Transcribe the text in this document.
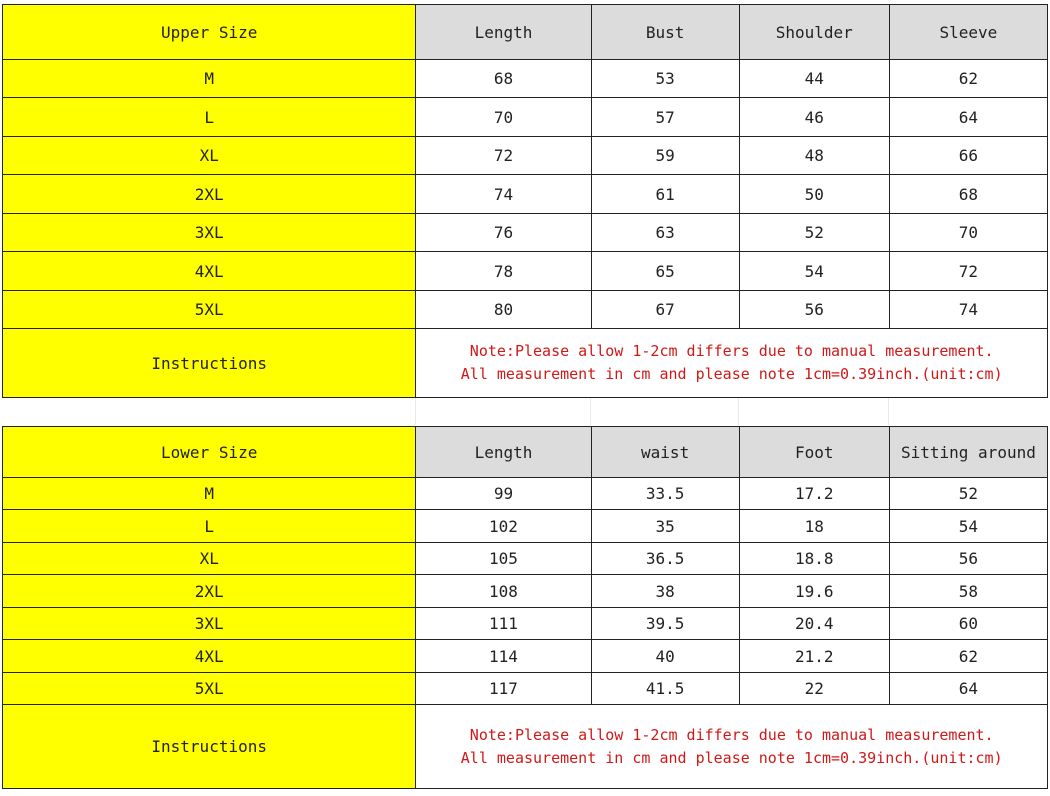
Upper Size	Length	Bust	Shoulder	Sleeve
M	68	53	44	62
L	70	57	46	64
XL	72	59	48	66
2XL	74	61	50	68
3XL	76	63	52	70
4XL	78	65	54	72
5XL	80	67	56	74
Instructions	Note:Please allow 1-2cm differs due to manual measurement.
All measurement in cm and please note 1cm=0.39inch.(unit:cm)			
Lower Size	Length	waist	Foot	Sitting around
M	99	33.5	17.2	52
L	102	35	18	54
XL	105	36.5	18.8	56
2XL	108	38	19.6	58
3XL	111	39.5	20.4	60
4XL	114	40	21.2	62
5XL	117	41.5	22	64
Instructions	Note:Please allow 1-2cm differs due to manual measurement.
All measurement in cm and please note 1cm=0.39inch.(unit:cm)			
